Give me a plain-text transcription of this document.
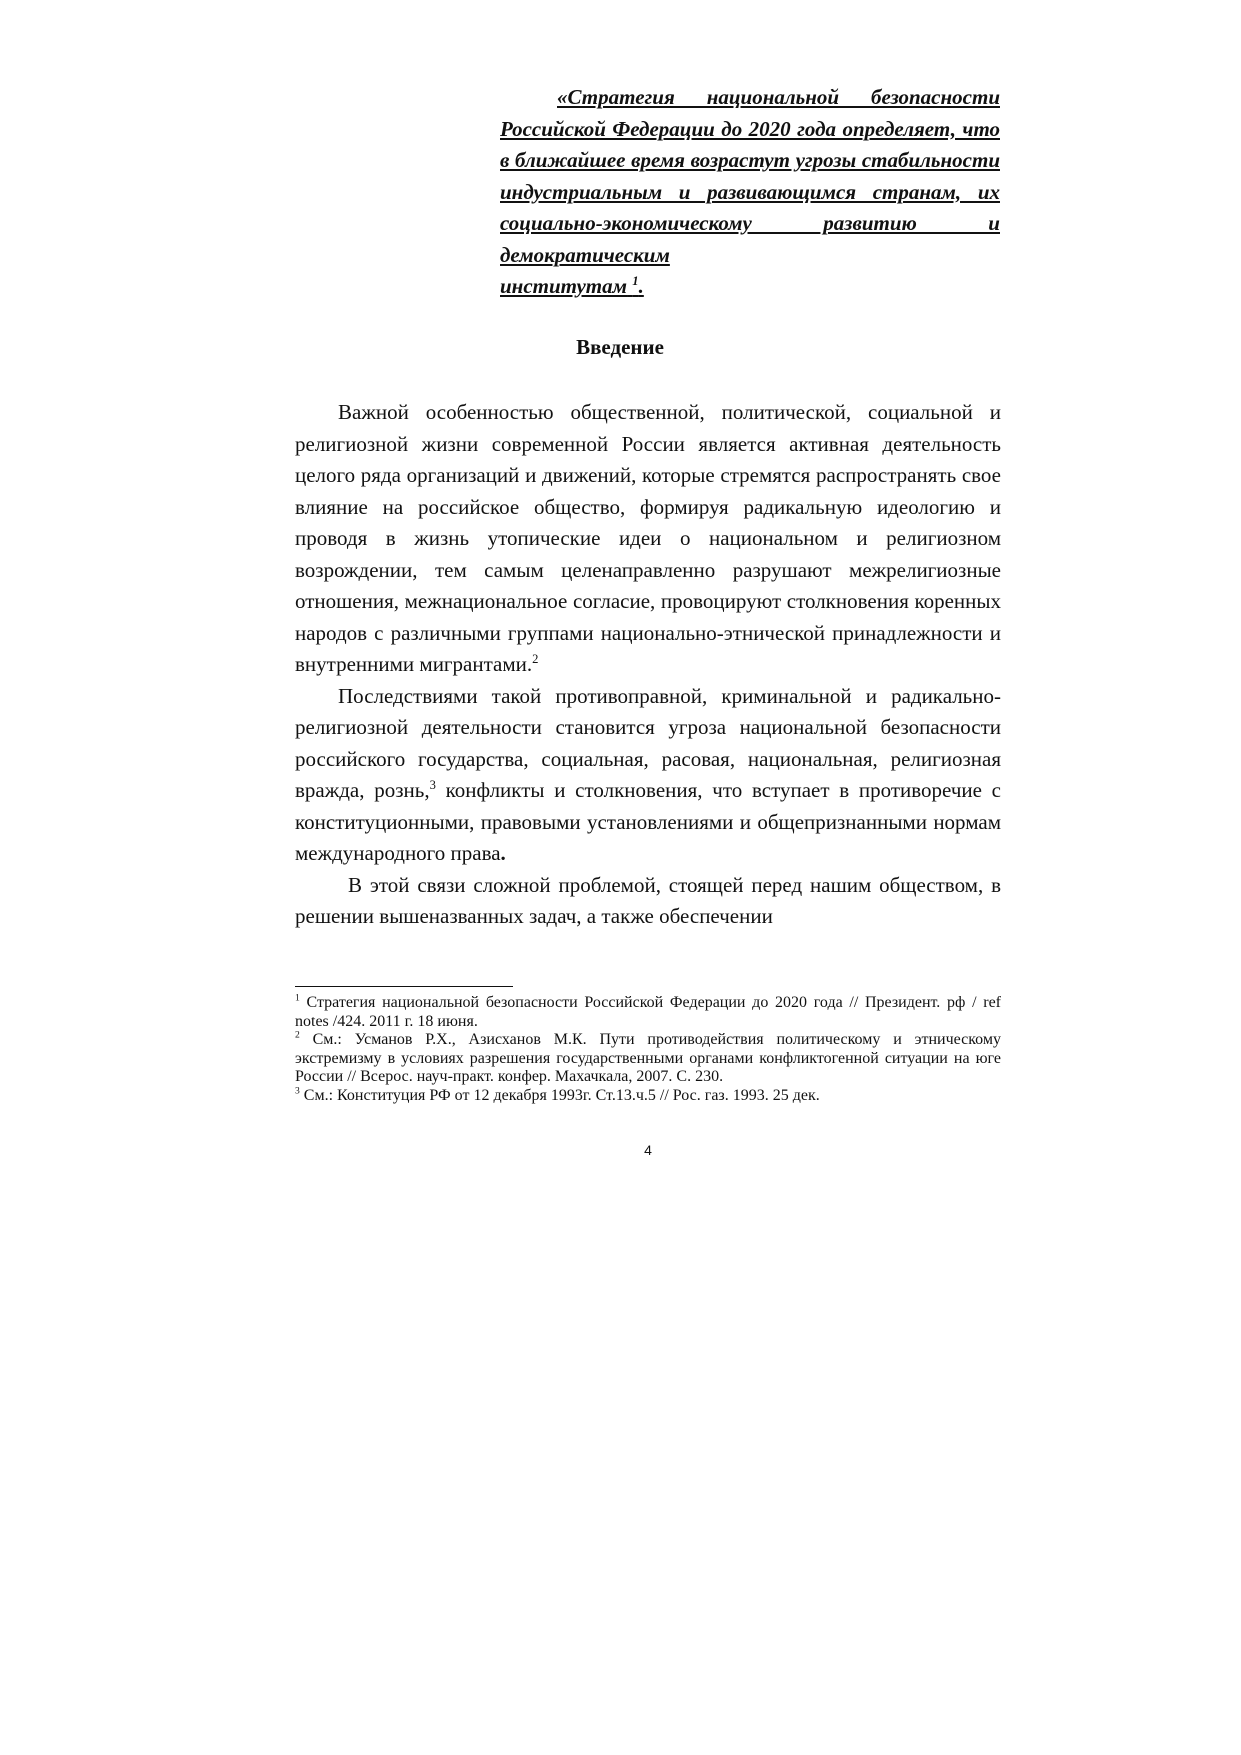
«Стратегия национальной безопасности Российской Федерации до 2020 года определяет, что в ближайшее время возрастут угрозы стабильности индустриальным и развивающимся странам, их социально-экономическому развитию и демократическим

институтам $^1$.

Введение

Важной особенностью общественной, политической, социальной и религиозной жизни современной России является активная деятельность целого ряда организаций и движений, которые стремятся распространять свое влияние на российское общество, формируя радикальную идеологию и проводя в жизнь утопические идеи о национальном и религиозном возрождении, тем самым целенаправленно разрушают межрелигиозные отношения, межнациональное согласие, провоцируют столкновения коренных народов с различными группами национально-этнической принадлежности и внутренними мигрантами.$^2$

Последствиями такой противоправной, криминальной и радикально-религиозной деятельности становится угроза национальной безопасности российского государства, социальная, расовая, национальная, религиозная вражда, рознь,$^3$ конфликты и столкновения, что вступает в противоречие с конституционными, правовыми установлениями и общепризнанными нормам международного права.

В этой связи сложной проблемой, стоящей перед нашим обществом, в решении вышеназванных задач, а также обеспечении

$^1$ Стратегия национальной безопасности Российской Федерации до 2020 года // Президент. рф / ref notes /424. 2011 г. 18 июня.

$^2$ См.: Усманов Р.Х., Азисханов М.К. Пути противодействия политическому и этническому экстремизму в условиях разрешения государственными органами конфликтогенной ситуации на юге России // Всерос. науч-практ. конфер. Махачкала, 2007. С. 230.

$^3$ См.: Конституция РФ от 12 декабря 1993г. Ст.13.ч.5 // Рос. газ. 1993. 25 дек.

4
